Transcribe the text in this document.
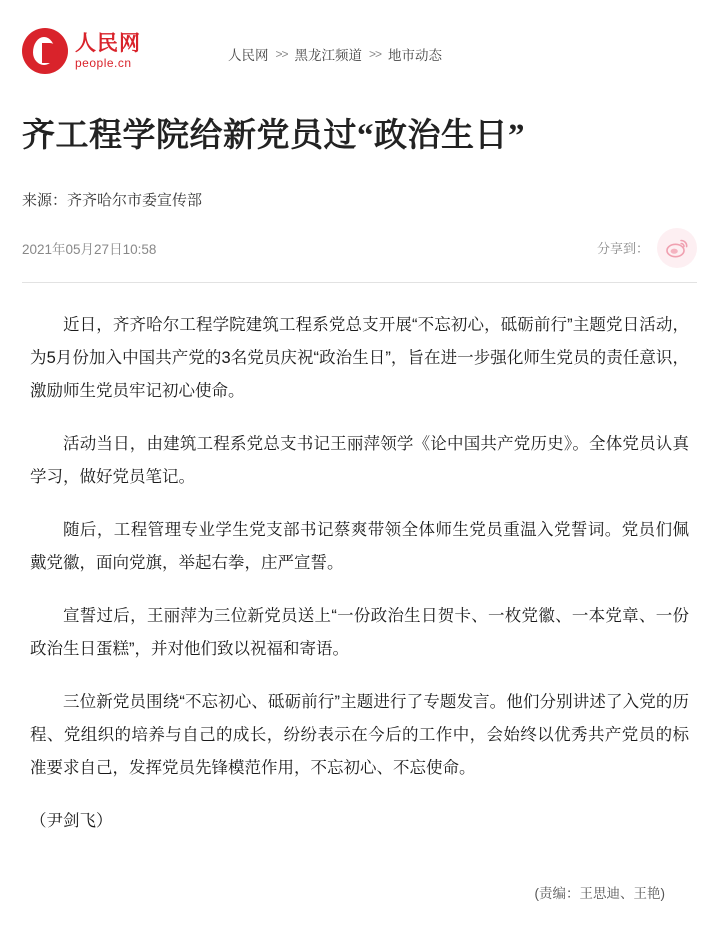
人民网
people.cn	人民网 >> 黑龙江频道 >> 地市动态
齐工程学院给新党员过“政治生日”
来源：齐齐哈尔市委宣传部
2021年05月27日10:58	分享到：

近日，齐齐哈尔工程学院建筑工程系党总支开展“不忘初心，砥砺前行”主题党日活动，为5月份加入中国共产党的3名党员庆祝“政治生日”，旨在进一步强化师生党员的责任意识，激励师生党员牢记初心使命。

活动当日，由建筑工程系党总支书记王丽萍领学《论中国共产党历史》。全体党员认真学习，做好党员笔记。

随后，工程管理专业学生党支部书记蔡爽带领全体师生党员重温入党誓词。党员们佩戴党徽，面向党旗，举起右拳，庄严宣誓。

宣誓过后，王丽萍为三位新党员送上“一份政治生日贺卡、一枚党徽、一本党章、一份政治生日蛋糕”，并对他们致以祝福和寄语。

三位新党员围绕“不忘初心、砥砺前行”主题进行了专题发言。他们分别讲述了入党的历程、党组织的培养与自己的成长，纷纷表示在今后的工作中，会始终以优秀共产党员的标准要求自己，发挥党员先锋模范作用，不忘初心、不忘使命。

（尹剑飞）

(责编：王思迪、王艳)
